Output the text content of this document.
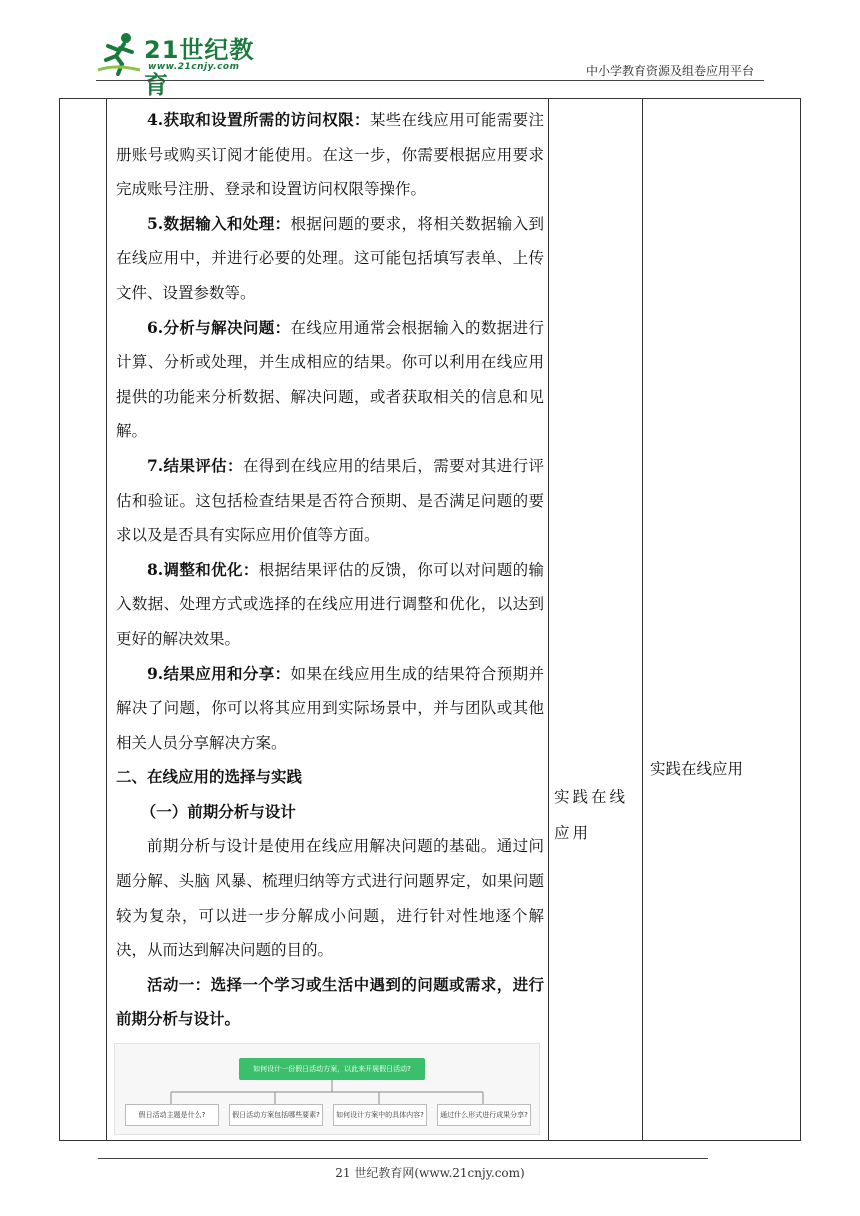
21世纪教育
www.21cnjy.com	中小学教育资源及组卷应用平台

4.获取和设置所需的访问权限：某些在线应用可能需要注册账号或购买订阅才能使用。在这一步，你需要根据应用要求完成账号注册、登录和设置访问权限等操作。

5.数据输入和处理：根据问题的要求，将相关数据输入到在线应用中，并进行必要的处理。这可能包括填写表单、上传文件、设置参数等。

6.分析与解决问题：在线应用通常会根据输入的数据进行计算、分析或处理，并生成相应的结果。你可以利用在线应用提供的功能来分析数据、解决问题，或者获取相关的信息和见解。

7.结果评估：在得到在线应用的结果后，需要对其进行评估和验证。这包括检查结果是否符合预期、是否满足问题的要求以及是否具有实际应用价值等方面。

8.调整和优化：根据结果评估的反馈，你可以对问题的输入数据、处理方式或选择的在线应用进行调整和优化，以达到更好的解决效果。

9.结果应用和分享：如果在线应用生成的结果符合预期并解决了问题，你可以将其应用到实际场景中，并与团队或其他相关人员分享解决方案。

二、在线应用的选择与实践

（一）前期分析与设计

前期分析与设计是使用在线应用解决问题的基础。通过问题分解、头脑 风暴、梳理归纳等方式进行问题界定，如果问题较为复杂，可以进一步分解成小问题，进行针对性地逐个解决，从而达到解决问题的目的。

活动一：选择一个学习或生活中遇到的问题或需求，进行前期分析与设计。

实践在线应用
实践在线应用
如何设计一份假日活动方案，以此来开展假日活动?
假日活动主题是什么?	假日活动方案包括哪些要素?	如何设计方案中的具体内容?	通过什么形式进行成果分享?
21 世纪教育网(www.21cnjy.com)
